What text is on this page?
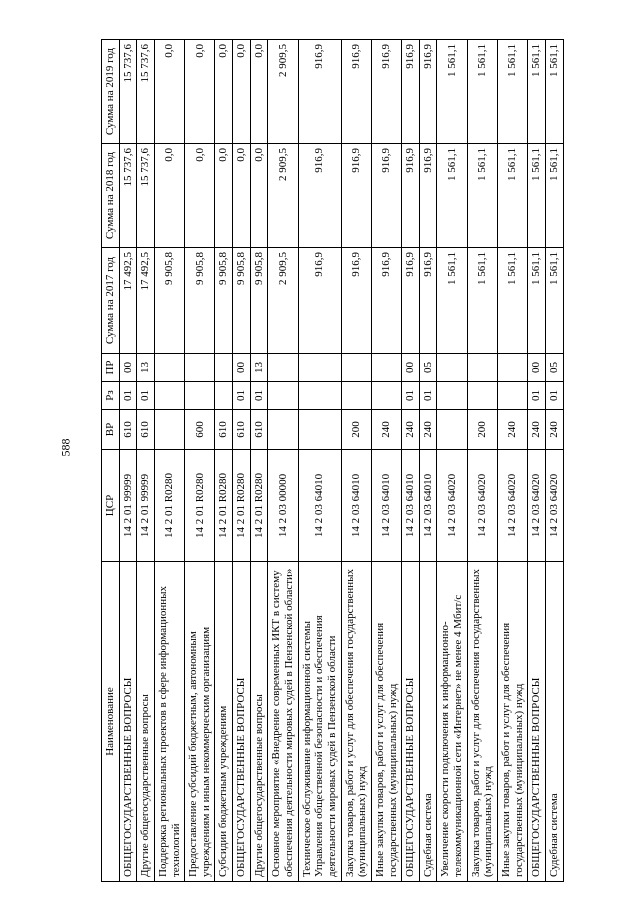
588
Наименование	ЦСР	ВР	Рз	ПР	Сумма на 2017 год	Сумма на 2018 год	Сумма на 2019 год
ОБЩЕГОСУДАРСТВЕННЫЕ ВОПРОСЫ	14 2 01 99999	610	01	00	17 492,5	15 737,6	15 737,6
Другие общегосударственные вопросы	14 2 01 99999	610	01	13	17 492,5	15 737,6	15 737,6
Поддержка региональных проектов в сфере информационных технологий	14 2 01 R0280				9 905,8	0,0	0,0
Предоставление субсидий бюджетным, автономным учреждениям и иным некоммерческим организациям	14 2 01 R0280	600			9 905,8	0,0	0,0
Субсидии бюджетным учреждениям	14 2 01 R0280	610			9 905,8	0,0	0,0
ОБЩЕГОСУДАРСТВЕННЫЕ ВОПРОСЫ	14 2 01 R0280	610	01	00	9 905,8	0,0	0,0
Другие общегосударственные вопросы	14 2 01 R0280	610	01	13	9 905,8	0,0	0,0
Основное мероприятие «Внедрение современных ИКТ в систему обеспечения деятельности мировых судей в Пензенской области»	14 2 03 00000				2 909,5	2 909,5	2 909,5
Техническое обслуживание информационной системы Управления общественной безопасности и обеспечения деятельности мировых судей в Пензенской области	14 2 03 64010				916,9	916,9	916,9
Закупка товаров, работ и услуг для обеспечения государственных (муниципальных) нужд	14 2 03 64010	200			916,9	916,9	916,9
Иные закупки товаров, работ и услуг для обеспечения государственных (муниципальных) нужд	14 2 03 64010	240			916,9	916,9	916,9
ОБЩЕГОСУДАРСТВЕННЫЕ ВОПРОСЫ	14 2 03 64010	240	01	00	916,9	916,9	916,9
Судебная система	14 2 03 64010	240	01	05	916,9	916,9	916,9
Увеличение скорости подключения к информационно-телекоммуникационной сети «Интернет» не менее 4 Мбит/с	14 2 03 64020				1 561,1	1 561,1	1 561,1
Закупка товаров, работ и услуг для обеспечения государственных (муниципальных) нужд	14 2 03 64020	200			1 561,1	1 561,1	1 561,1
Иные закупки товаров, работ и услуг для обеспечения государственных (муниципальных) нужд	14 2 03 64020	240			1 561,1	1 561,1	1 561,1
ОБЩЕГОСУДАРСТВЕННЫЕ ВОПРОСЫ	14 2 03 64020	240	01	00	1 561,1	1 561,1	1 561,1
Судебная система	14 2 03 64020	240	01	05	1 561,1	1 561,1	1 561,1
